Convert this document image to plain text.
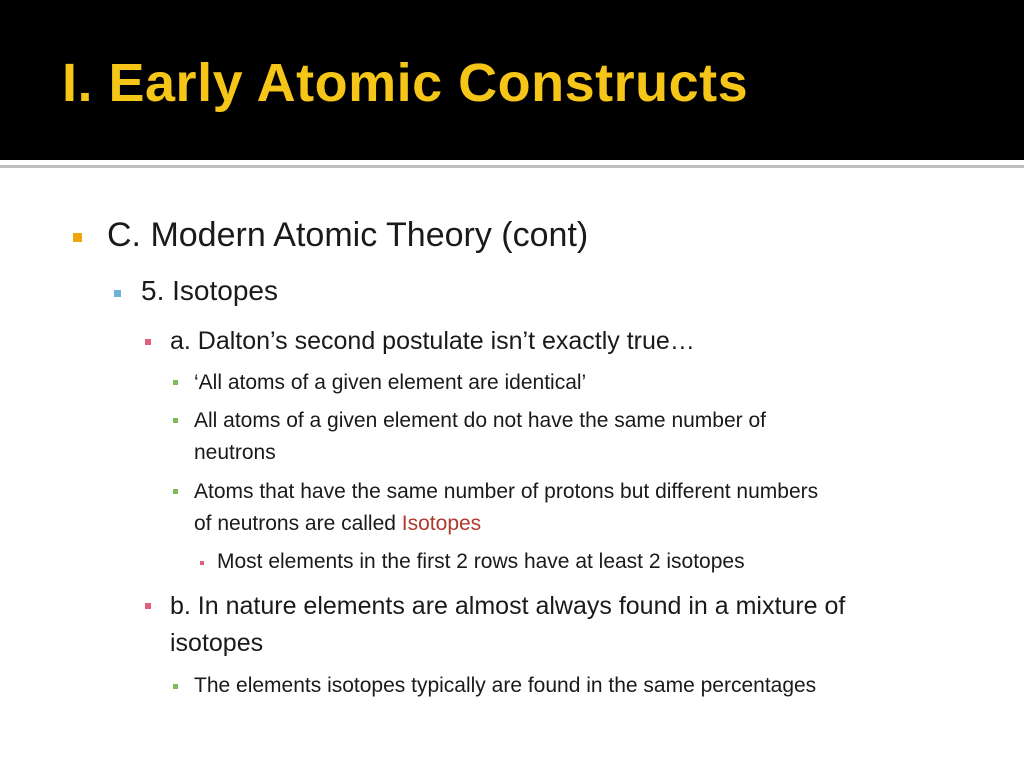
I. Early Atomic Constructs
C. Modern Atomic Theory (cont)
5. Isotopes
a. Dalton’s second postulate isn’t exactly true…
‘All atoms of a given element are identical’
All atoms of a given element do not have the same number of
neutrons
Atoms that have the same number of protons but different numbers
of neutrons are called Isotopes
Most elements in the first 2 rows have at least 2 isotopes
b. In nature elements are almost always found in a mixture of
isotopes
The elements isotopes typically are found in the same percentages
